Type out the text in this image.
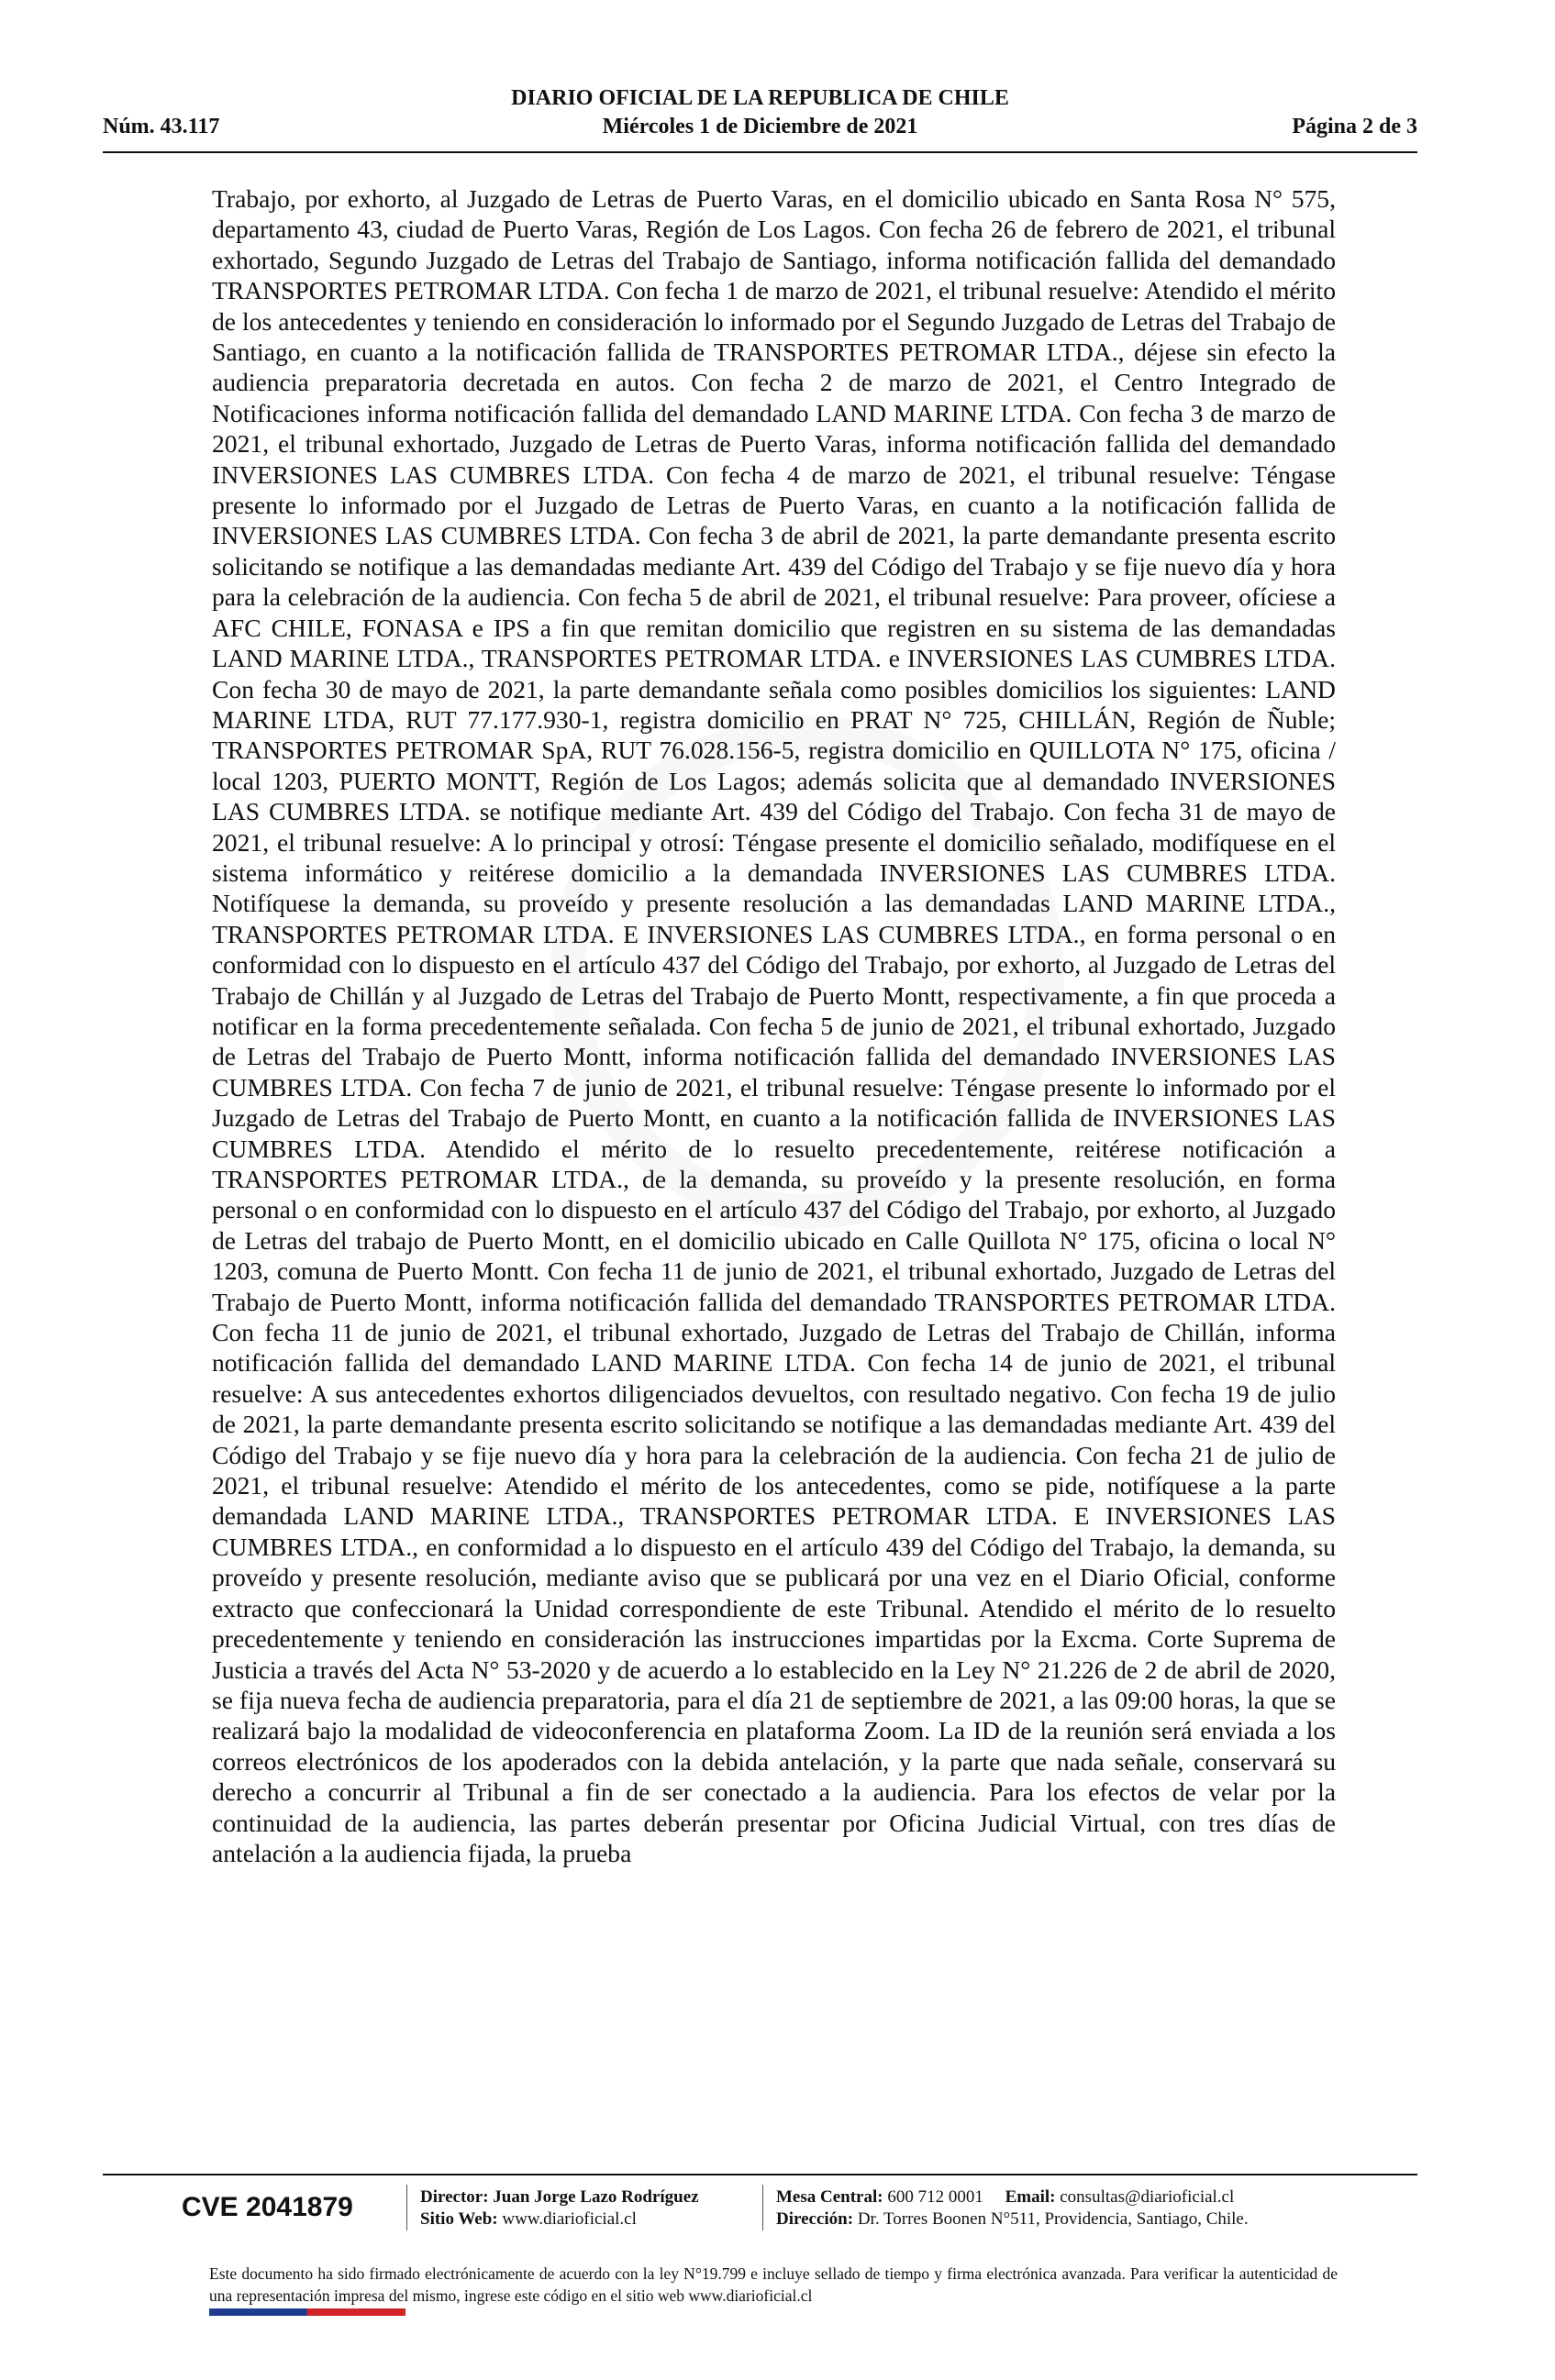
DIARIO OFICIAL DE LA REPUBLICA DE CHILE
Miércoles 1 de Diciembre de 2021
Núm. 43.117	Página 2 de 3

Trabajo, por exhorto, al Juzgado de Letras de Puerto Varas, en el domicilio ubicado en Santa Rosa N° 575, departamento 43, ciudad de Puerto Varas, Región de Los Lagos. Con fecha 26 de febrero de 2021, el tribunal exhortado, Segundo Juzgado de Letras del Trabajo de Santiago, informa notificación fallida del demandado TRANSPORTES PETROMAR LTDA. Con fecha 1 de marzo de 2021, el tribunal resuelve: Atendido el mérito de los antecedentes y teniendo en consideración lo informado por el Segundo Juzgado de Letras del Trabajo de Santiago, en cuanto a la notificación fallida de TRANSPORTES PETROMAR LTDA., déjese sin efecto la audiencia preparatoria decretada en autos. Con fecha 2 de marzo de 2021, el Centro Integrado de Notificaciones informa notificación fallida del demandado LAND MARINE LTDA. Con fecha 3 de marzo de 2021, el tribunal exhortado, Juzgado de Letras de Puerto Varas, informa notificación fallida del demandado INVERSIONES LAS CUMBRES LTDA. Con fecha 4 de marzo de 2021, el tribunal resuelve: Téngase presente lo informado por el Juzgado de Letras de Puerto Varas, en cuanto a la notificación fallida de INVERSIONES LAS CUMBRES LTDA. Con fecha 3 de abril de 2021, la parte demandante presenta escrito solicitando se notifique a las demandadas mediante Art. 439 del Código del Trabajo y se fije nuevo día y hora para la celebración de la audiencia. Con fecha 5 de abril de 2021, el tribunal resuelve: Para proveer, ofíciese a AFC CHILE, FONASA e IPS a fin que remitan domicilio que registren en su sistema de las demandadas LAND MARINE LTDA., TRANSPORTES PETROMAR LTDA. e INVERSIONES LAS CUMBRES LTDA. Con fecha 30 de mayo de 2021, la parte demandante señala como posibles domicilios los siguientes: LAND MARINE LTDA, RUT 77.177.930-1, registra domicilio en PRAT N° 725, CHILLÁN, Región de Ñuble; TRANSPORTES PETROMAR SpA, RUT 76.028.156-5, registra domicilio en QUILLOTA N° 175, oficina / local 1203, PUERTO MONTT, Región de Los Lagos; además solicita que al demandado INVERSIONES LAS CUMBRES LTDA. se notifique mediante Art. 439 del Código del Trabajo. Con fecha 31 de mayo de 2021, el tribunal resuelve: A lo principal y otrosí: Téngase presente el domicilio señalado, modifíquese en el sistema informático y reitérese domicilio a la demandada INVERSIONES LAS CUMBRES LTDA. Notifíquese la demanda, su proveído y presente resolución a las demandadas LAND MARINE LTDA., TRANSPORTES PETROMAR LTDA. E INVERSIONES LAS CUMBRES LTDA., en forma personal o en conformidad con lo dispuesto en el artículo 437 del Código del Trabajo, por exhorto, al Juzgado de Letras del Trabajo de Chillán y al Juzgado de Letras del Trabajo de Puerto Montt, respectivamente, a fin que proceda a notificar en la forma precedentemente señalada. Con fecha 5 de junio de 2021, el tribunal exhortado, Juzgado de Letras del Trabajo de Puerto Montt, informa notificación fallida del demandado INVERSIONES LAS CUMBRES LTDA. Con fecha 7 de junio de 2021, el tribunal resuelve: Téngase presente lo informado por el Juzgado de Letras del Trabajo de Puerto Montt, en cuanto a la notificación fallida de INVERSIONES LAS CUMBRES LTDA. Atendido el mérito de lo resuelto precedentemente, reitérese notificación a TRANSPORTES PETROMAR LTDA., de la demanda, su proveído y la presente resolución, en forma personal o en conformidad con lo dispuesto en el artículo 437 del Código del Trabajo, por exhorto, al Juzgado de Letras del trabajo de Puerto Montt, en el domicilio ubicado en Calle Quillota N° 175, oficina o local N° 1203, comuna de Puerto Montt. Con fecha 11 de junio de 2021, el tribunal exhortado, Juzgado de Letras del Trabajo de Puerto Montt, informa notificación fallida del demandado TRANSPORTES PETROMAR LTDA. Con fecha 11 de junio de 2021, el tribunal exhortado, Juzgado de Letras del Trabajo de Chillán, informa notificación fallida del demandado LAND MARINE LTDA. Con fecha 14 de junio de 2021, el tribunal resuelve: A sus antecedentes exhortos diligenciados devueltos, con resultado negativo. Con fecha 19 de julio de 2021, la parte demandante presenta escrito solicitando se notifique a las demandadas mediante Art. 439 del Código del Trabajo y se fije nuevo día y hora para la celebración de la audiencia. Con fecha 21 de julio de 2021, el tribunal resuelve: Atendido el mérito de los antecedentes, como se pide, notifíquese a la parte demandada LAND MARINE LTDA., TRANSPORTES PETROMAR LTDA. E INVERSIONES LAS CUMBRES LTDA., en conformidad a lo dispuesto en el artículo 439 del Código del Trabajo, la demanda, su proveído y presente resolución, mediante aviso que se publicará por una vez en el Diario Oficial, conforme extracto que confeccionará la Unidad correspondiente de este Tribunal. Atendido el mérito de lo resuelto precedentemente y teniendo en consideración las instrucciones impartidas por la Excma. Corte Suprema de Justicia a través del Acta N° 53-2020 y de acuerdo a lo establecido en la Ley N° 21.226 de 2 de abril de 2020, se fija nueva fecha de audiencia preparatoria, para el día 21 de septiembre de 2021, a las 09:00 horas, la que se realizará bajo la modalidad de videoconferencia en plataforma Zoom. La ID de la reunión será enviada a los correos electrónicos de los apoderados con la debida antelación, y la parte que nada señale, conservará su derecho a concurrir al Tribunal a fin de ser conectado a la audiencia. Para los efectos de velar por la continuidad de la audiencia, las partes deberán presentar por Oficina Judicial Virtual, con tres días de antelación a la audiencia fijada, la prueba

CVE 2041879	Director: Juan Jorge Lazo Rodríguez
Sitio Web: www.diarioficial.cl
Mesa Central: 600 712 0001 Email: consultas@diarioficial.cl
Dirección: Dr. Torres Boonen N°511, Providencia, Santiago, Chile.
Este documento ha sido firmado electrónicamente de acuerdo con la ley N°19.799 e incluye sellado de tiempo y firma electrónica avanzada. Para verificar la autenticidad de una representación impresa del mismo, ingrese este código en el sitio web www.diarioficial.cl
